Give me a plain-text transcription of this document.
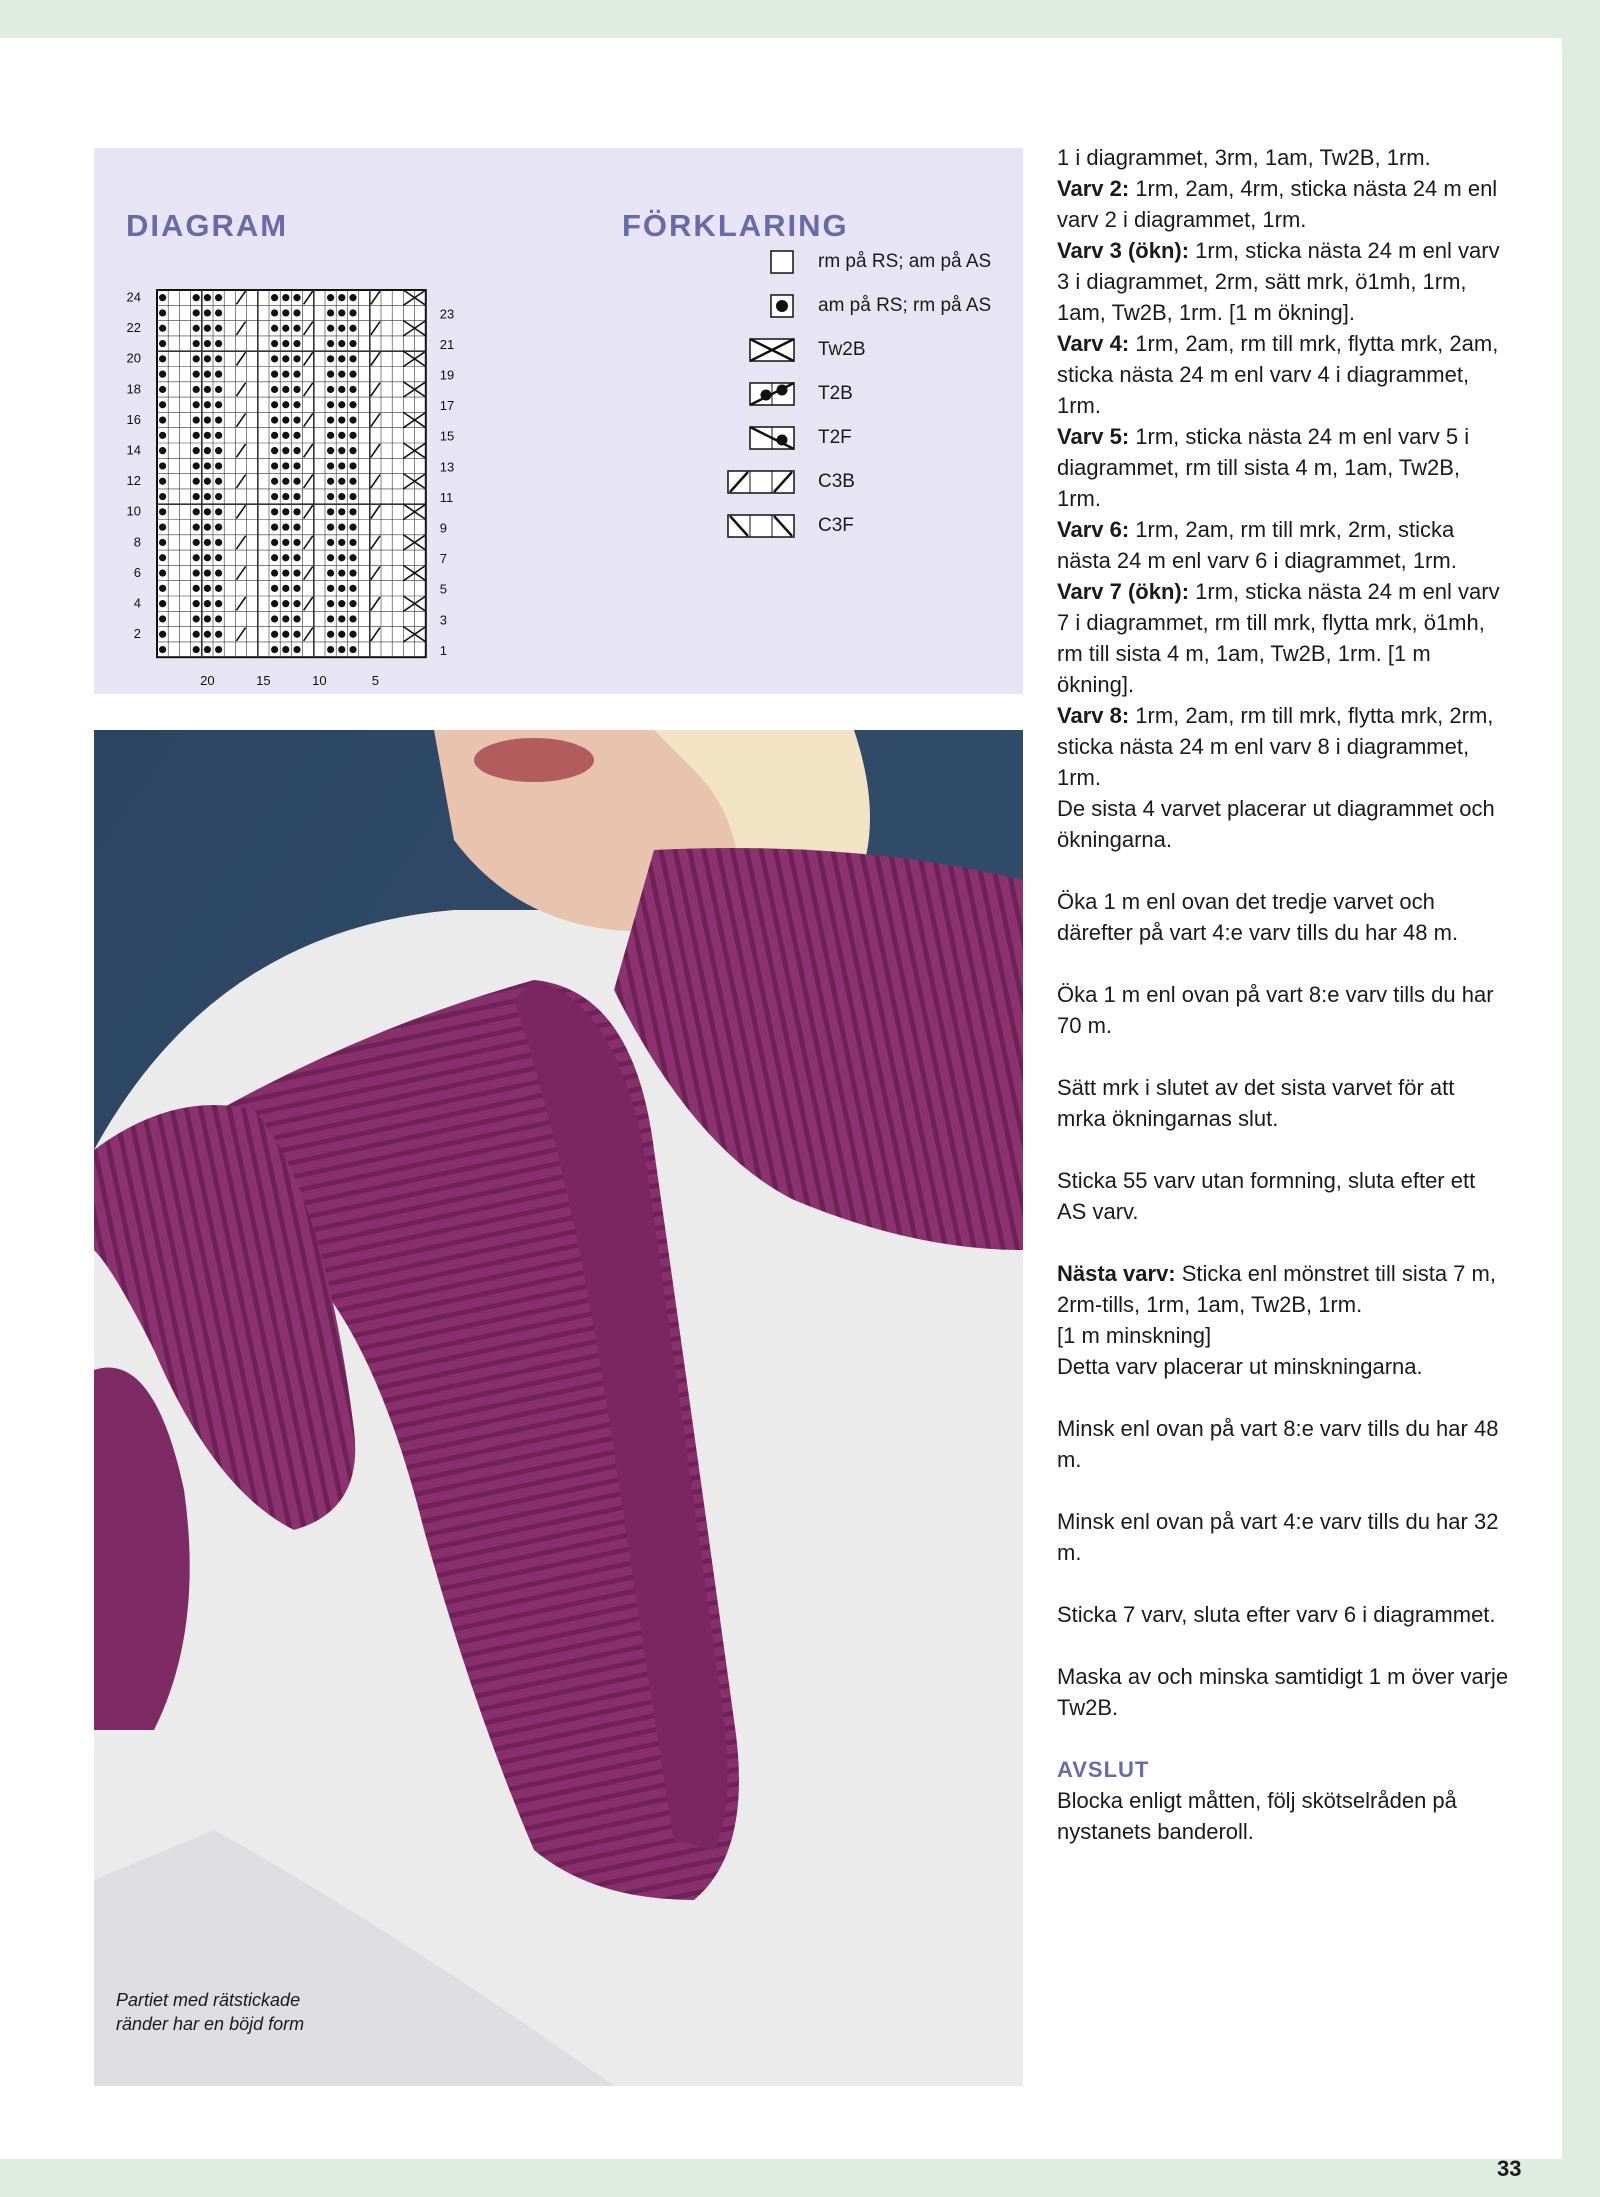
DIAGRAM	FÖRKLARING
24
22
20
18
16
14
12
10
8
6
4
2
23
21
19
17
15
13
11
9
7
5
3
1
20	15	10	5
rm på RS; am på AS
am på RS; rm på AS
Tw2B
T2B
T2F
C3B
C3F

Partiet med rätstickade
ränder har en böjd form

1 i diagrammet, 3rm, 1am, Tw2B, 1rm.

Varv 2: 1rm, 2am, 4rm, sticka nästa 24 m enl varv 2 i diagrammet, 1rm.

Varv 3 (ökn): 1rm, sticka nästa 24 m enl varv 3 i diagrammet, 2rm, sätt mrk, ö1mh, 1rm, 1am, Tw2B, 1rm. [1 m ökning].

Varv 4: 1rm, 2am, rm till mrk, flytta mrk, 2am, sticka nästa 24 m enl varv 4 i diagrammet, 1rm.

Varv 5: 1rm, sticka nästa 24 m enl varv 5 i diagrammet, rm till sista 4 m, 1am, Tw2B, 1rm.

Varv 6: 1rm, 2am, rm till mrk, 2rm, sticka nästa 24 m enl varv 6 i diagrammet, 1rm.

Varv 7 (ökn): 1rm, sticka nästa 24 m enl varv 7 i diagrammet, rm till mrk, flytta mrk, ö1mh, rm till sista 4 m, 1am, Tw2B, 1rm. [1 m ökning].

Varv 8: 1rm, 2am, rm till mrk, flytta mrk, 2rm, sticka nästa 24 m enl varv 8 i diagrammet, 1rm.

De sista 4 varvet placerar ut diagrammet och ökningarna.

Öka 1 m enl ovan det tredje varvet och därefter på vart 4:e varv tills du har 48 m.

Öka 1 m enl ovan på vart 8:e varv tills du har 70 m.

Sätt mrk i slutet av det sista varvet för att mrka ökningarnas slut.

Sticka 55 varv utan formning, sluta efter ett AS varv.

Nästa varv: Sticka enl mönstret till sista 7 m, 2rm-tills, 1rm, 1am, Tw2B, 1rm.

[1 m minskning]

Detta varv placerar ut minskningarna.

Minsk enl ovan på vart 8:e varv tills du har 48 m.

Minsk enl ovan på vart 4:e varv tills du har 32 m.

Sticka 7 varv, sluta efter varv 6 i diagrammet.

Maska av och minska samtidigt 1 m över varje Tw2B.

AVSLUT

Blocka enligt måtten, följ skötselråden på nystanets banderoll.

33
